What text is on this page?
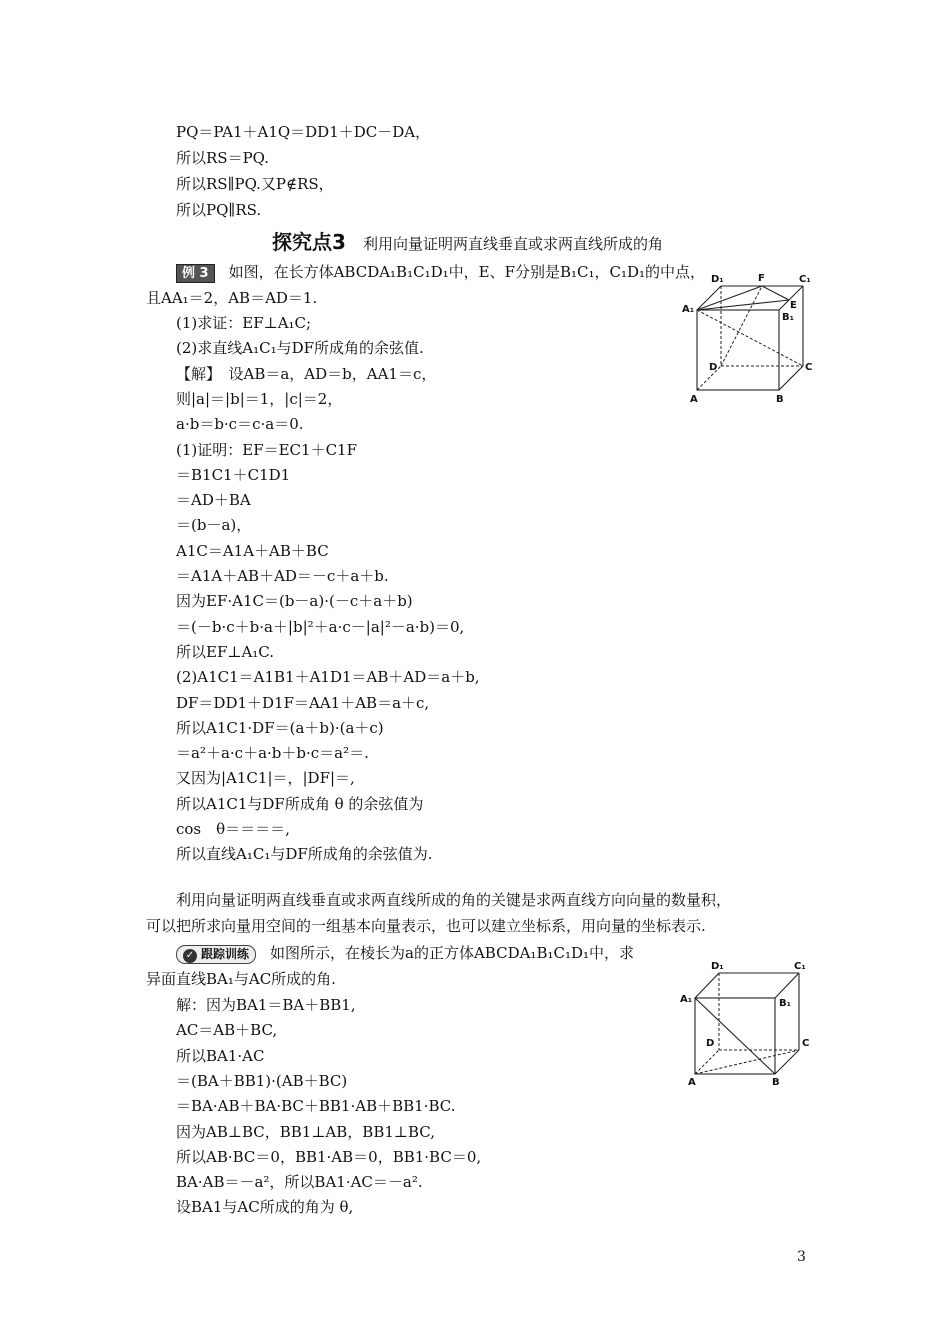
PQ＝PA1＋A1Q＝DD1＋DC－DA，
所以RS＝PQ.
所以RS∥PQ.又P∉RS，
所以PQ∥RS.
探究点3 利用向量证明两直线垂直或求两直线所成的角
例 3 如图，在长方体ABCDA₁B₁C₁D₁中，E、F分别是B₁C₁，C₁D₁的中点，
且AA₁＝2，AB＝AD＝1.
(1)求证：EF⊥A₁C;
(2)求直线A₁C₁与DF所成角的余弦值.
【解】　设AB＝a，AD＝b，AA1＝c，
则|a|＝|b|＝1，|c|＝2，
a·b＝b·c＝c·a＝0.
(1)证明：EF＝EC1＋C1F
＝B1C1＋C1D1
＝AD＋BA
＝(b－a)，
A1C＝A1A＋AB＋BC
＝A1A＋AB＋AD＝－c＋a＋b.
因为EF·A1C＝(b－a)·(－c＋a＋b)
＝(－b·c＋b·a＋|b|²＋a·c－|a|²－a·b)＝0,
所以EF⊥A₁C.
(2)A1C1＝A1B1＋A1D1＝AB＋AD＝a＋b,
DF＝DD1＋D1F＝AA1＋AB＝a＋c,
所以A1C1·DF＝(a＋b)·(a＋c)
＝a²＋a·c＋a·b＋b·c＝a²＝.
又因为|A1C1|＝，|DF|＝,
所以A1C1与DF所成角 θ 的余弦值为
cos　θ＝＝＝＝,
所以直线A₁C₁与DF所成角的余弦值为.
利用向量证明两直线垂直或求两直线所成的角的关键是求两直线方向向量的数量积，
可以把所求向量用空间的一组基本向量表示，也可以建立坐标系，用向量的坐标表示.
✓ 跟踪训练 如图所示，在棱长为a的正方体ABCDA₁B₁C₁D₁中，求
异面直线BA₁与AC所成的角.
解：因为BA1＝BA＋BB1,
AC＝AB＋BC,
所以BA1·AC
＝(BA＋BB1)·(AB＋BC)
＝BA·AB＋BA·BC＋BB1·AB＋BB1·BC.
因为AB⊥BC，BB1⊥AB，BB1⊥BC,
所以AB·BC＝0，BB1·AB＝0，BB1·BC＝0,
BA·AB＝－a²，所以BA1·AC＝－a².
设BA1与AC所成的角为 θ,
D₁	F	C₁
A₁	E
B₁
D	C
A	B
D₁	C₁
A₁	B₁
D	C
A	B
3
